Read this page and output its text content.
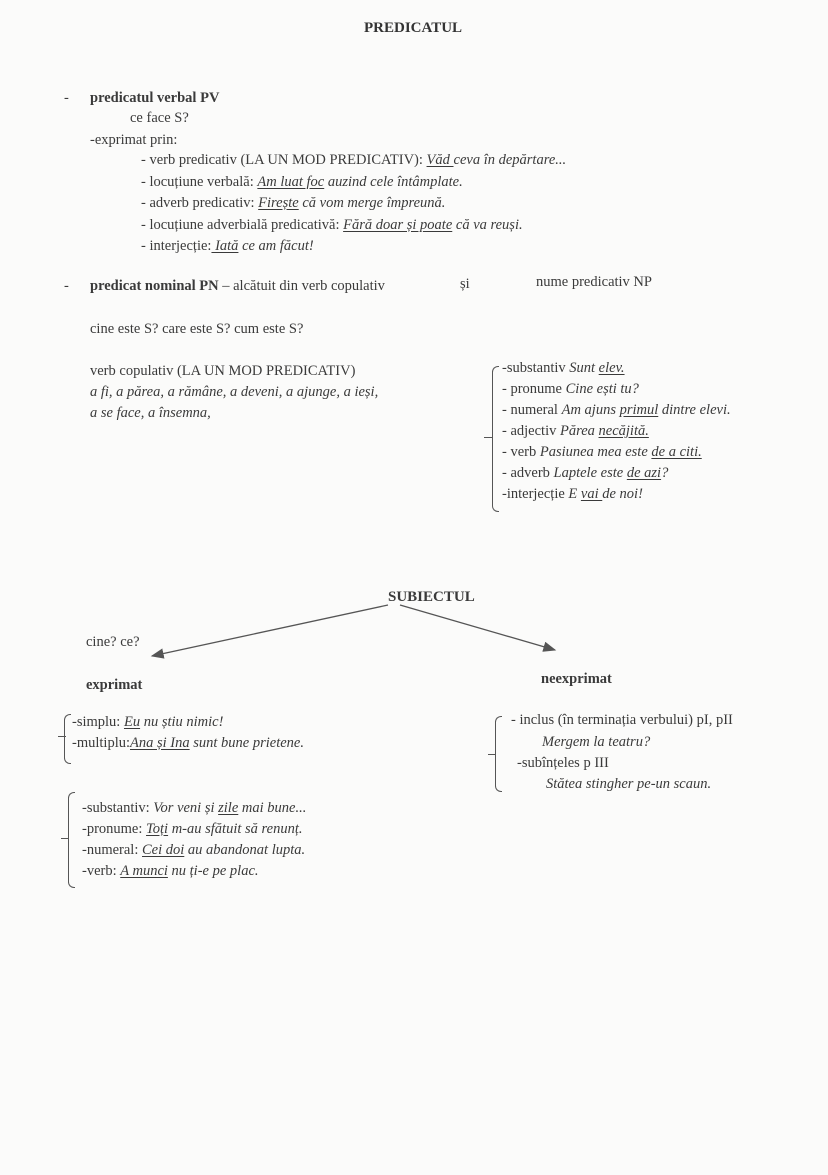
PREDICATUL
- predicatul verbal PV
ce face S?
-exprimat prin:
- verb predicativ (LA UN MOD PREDICATIV): Văd ceva în depărtare...
- locuțiune verbală: Am luat foc auzind cele întâmplate.
- adverb predicativ: Firește că vom merge împreună.
- locuțiune adverbială predicativă: Fără doar și poate că va reuși.
- interjecție: Iată ce am făcut!
- predicat nominal PN – alcătuit din verb copulativ	și	nume predicativ NP
cine este S? care este S? cum este S?
verb copulativ (LA UN MOD PREDICATIV)
a fi, a părea, a rămâne, a deveni, a ajunge, a ieși,
a se face, a însemna,
-substantiv Sunt elev.
- pronume Cine ești tu?
- numeral Am ajuns primul dintre elevi.
- adjectiv Părea necăjită.
- verb Pasiunea mea este de a citi.
- adverb Laptele este de azi?
-interjecție E vai de noi!
SUBIECTUL
cine? ce?
exprimat	neexprimat
-simplu: Eu nu știu nimic!
-multiplu:Ana și Ina sunt bune prietene.
-substantiv: Vor veni și zile mai bune...
-pronume: Toți m-au sfătuit să renunț.
-numeral: Cei doi au abandonat lupta.
-verb: A munci nu ți-e pe plac.
- inclus (în terminația verbului) pI, pII
Mergem la teatru?
-subînțeles p III
Stătea stingher pe-un scaun.
